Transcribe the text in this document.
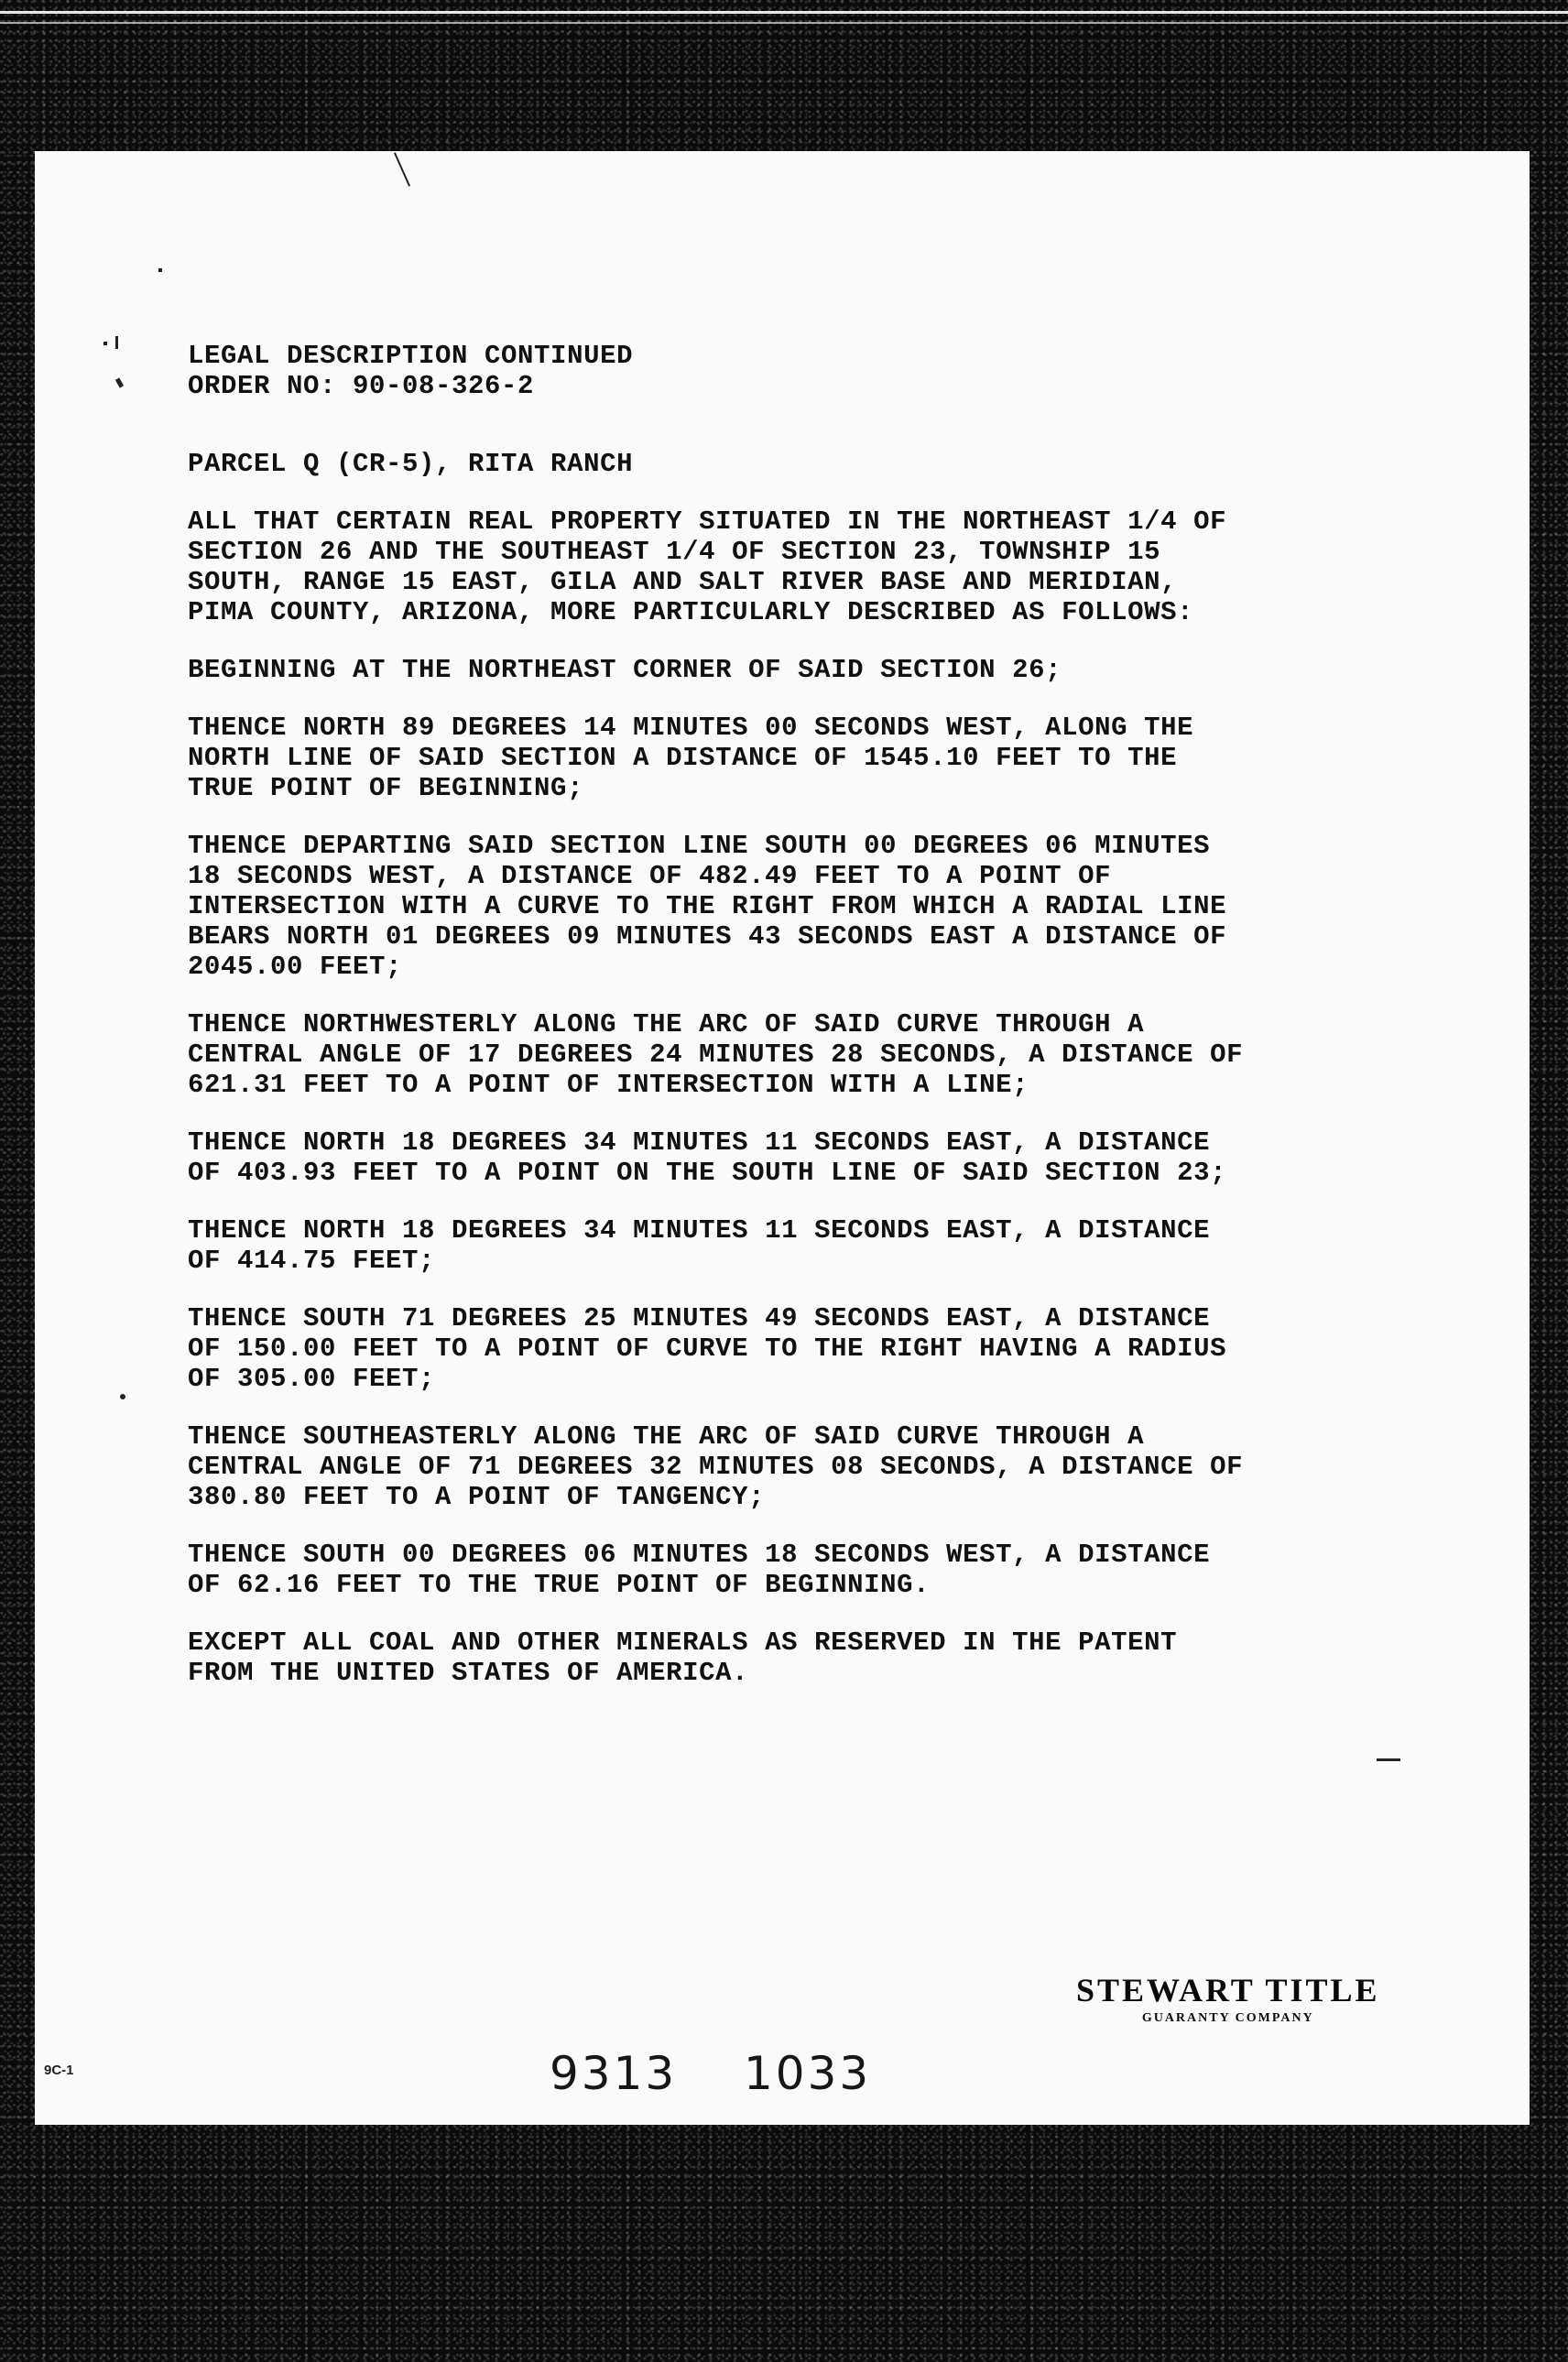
LEGAL DESCRIPTION CONTINUED
ORDER NO: 90-08-326-2
PARCEL Q (CR-5), RITA RANCH
ALL THAT CERTAIN REAL PROPERTY SITUATED IN THE NORTHEAST 1/4 OF
SECTION 26 AND THE SOUTHEAST 1/4 OF SECTION 23, TOWNSHIP 15
SOUTH, RANGE 15 EAST, GILA AND SALT RIVER BASE AND MERIDIAN,
PIMA COUNTY, ARIZONA, MORE PARTICULARLY DESCRIBED AS FOLLOWS:
BEGINNING AT THE NORTHEAST CORNER OF SAID SECTION 26;
THENCE NORTH 89 DEGREES 14 MINUTES 00 SECONDS WEST, ALONG THE
NORTH LINE OF SAID SECTION A DISTANCE OF 1545.10 FEET TO THE
TRUE POINT OF BEGINNING;
THENCE DEPARTING SAID SECTION LINE SOUTH 00 DEGREES 06 MINUTES
18 SECONDS WEST, A DISTANCE OF 482.49 FEET TO A POINT OF
INTERSECTION WITH A CURVE TO THE RIGHT FROM WHICH A RADIAL LINE
BEARS NORTH 01 DEGREES 09 MINUTES 43 SECONDS EAST A DISTANCE OF
2045.00 FEET;
THENCE NORTHWESTERLY ALONG THE ARC OF SAID CURVE THROUGH A
CENTRAL ANGLE OF 17 DEGREES 24 MINUTES 28 SECONDS, A DISTANCE OF
621.31 FEET TO A POINT OF INTERSECTION WITH A LINE;
THENCE NORTH 18 DEGREES 34 MINUTES 11 SECONDS EAST, A DISTANCE
OF 403.93 FEET TO A POINT ON THE SOUTH LINE OF SAID SECTION 23;
THENCE NORTH 18 DEGREES 34 MINUTES 11 SECONDS EAST, A DISTANCE
OF 414.75 FEET;
THENCE SOUTH 71 DEGREES 25 MINUTES 49 SECONDS EAST, A DISTANCE
OF 150.00 FEET TO A POINT OF CURVE TO THE RIGHT HAVING A RADIUS
OF 305.00 FEET;
THENCE SOUTHEASTERLY ALONG THE ARC OF SAID CURVE THROUGH A
CENTRAL ANGLE OF 71 DEGREES 32 MINUTES 08 SECONDS, A DISTANCE OF
380.80 FEET TO A POINT OF TANGENCY;
THENCE SOUTH 00 DEGREES 06 MINUTES 18 SECONDS WEST, A DISTANCE
OF 62.16 FEET TO THE TRUE POINT OF BEGINNING.
EXCEPT ALL COAL AND OTHER MINERALS AS RESERVED IN THE PATENT
FROM THE UNITED STATES OF AMERICA.
STEWART TITLE
GUARANTY COMPANY
9C-1	9313 1033
